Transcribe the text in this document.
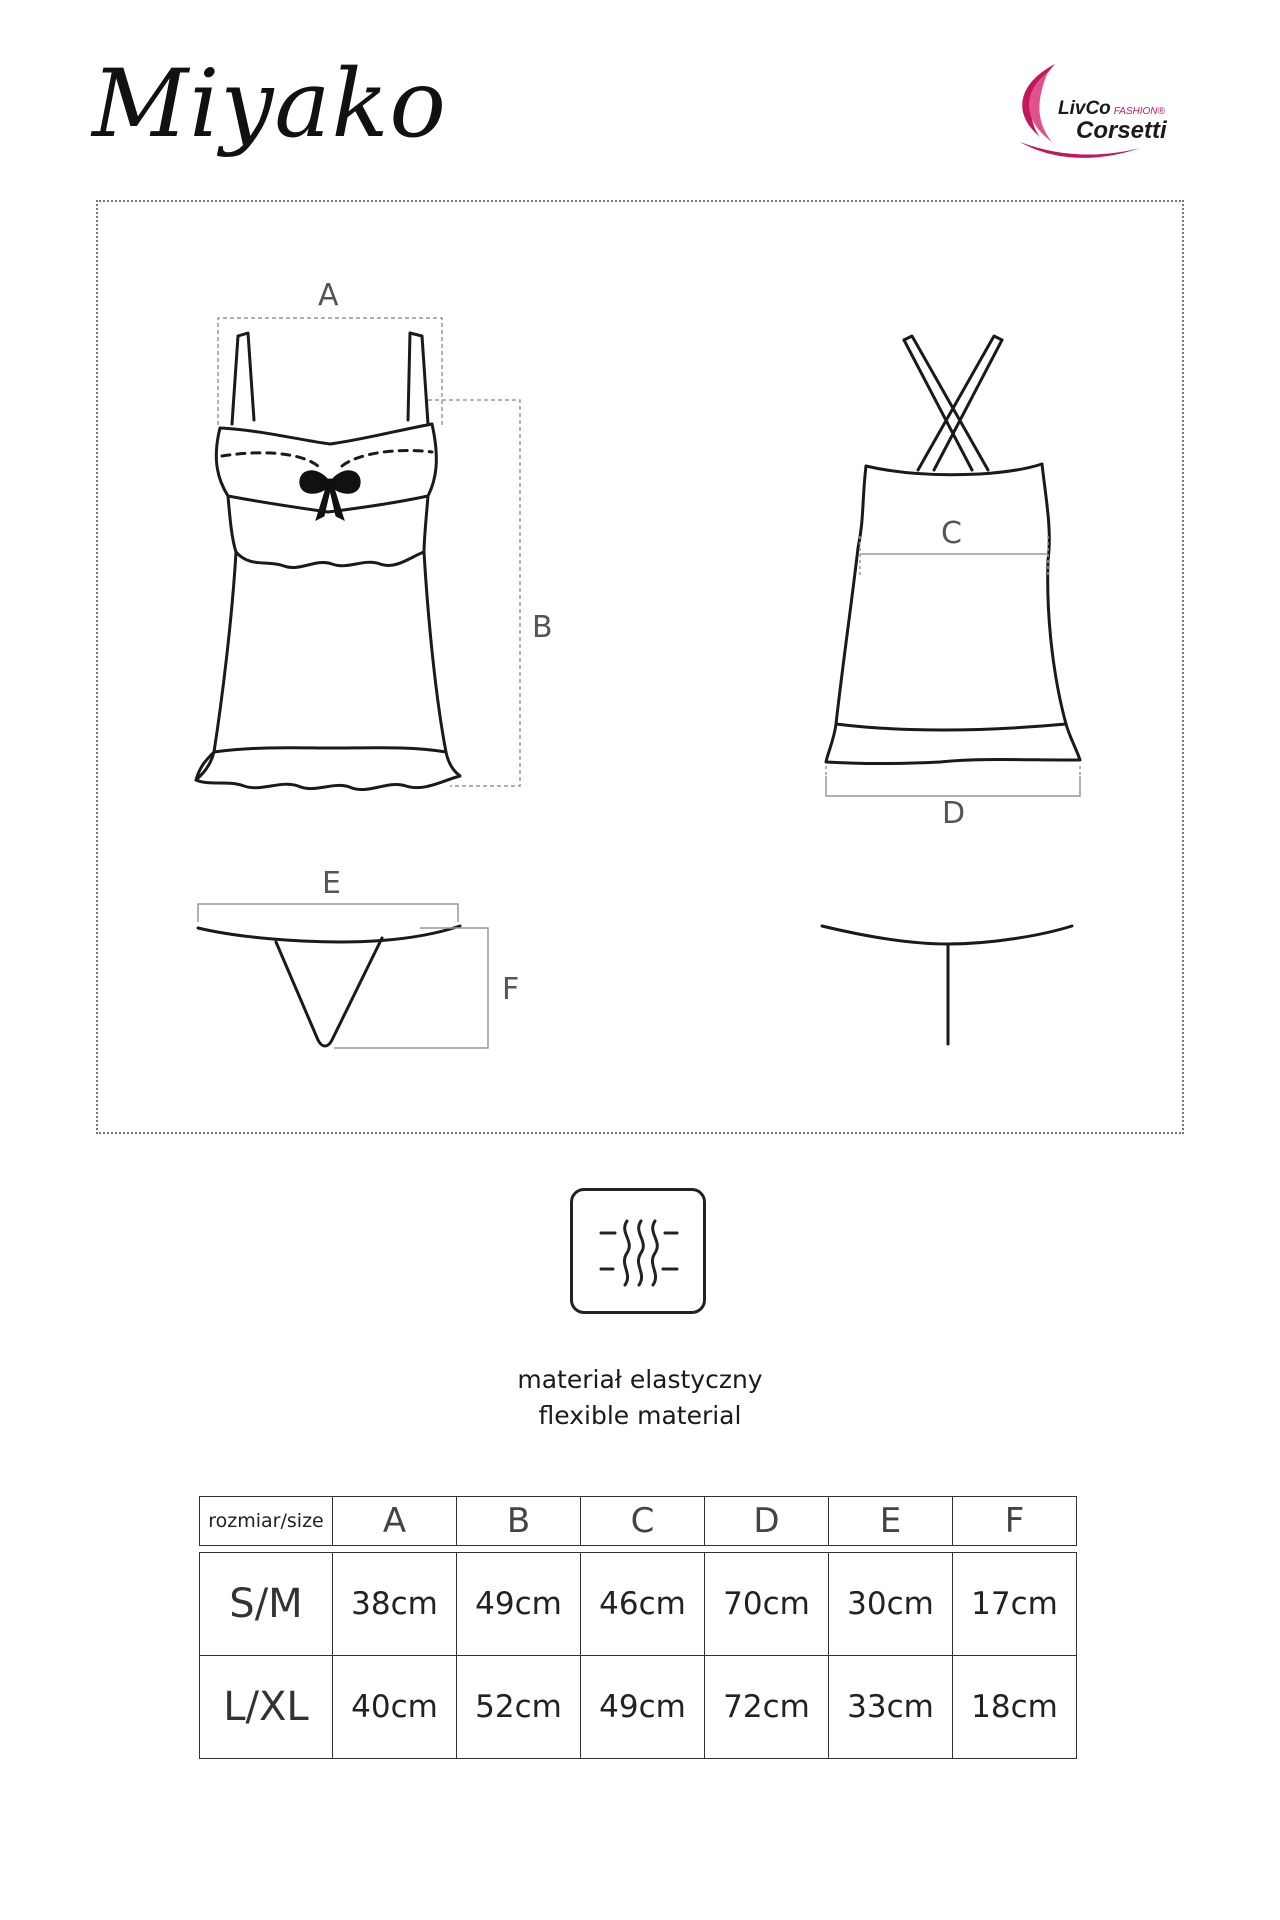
Miyako	LivCo FASHION®
Corsetti
A
B
C
D
E
F
materiał elastyczny
flexible material
rozmiar/size	A	B	C	D	E	F

S/M	38cm	49cm	46cm	70cm	30cm	17cm
L/XL	40cm	52cm	49cm	72cm	33cm	18cm
